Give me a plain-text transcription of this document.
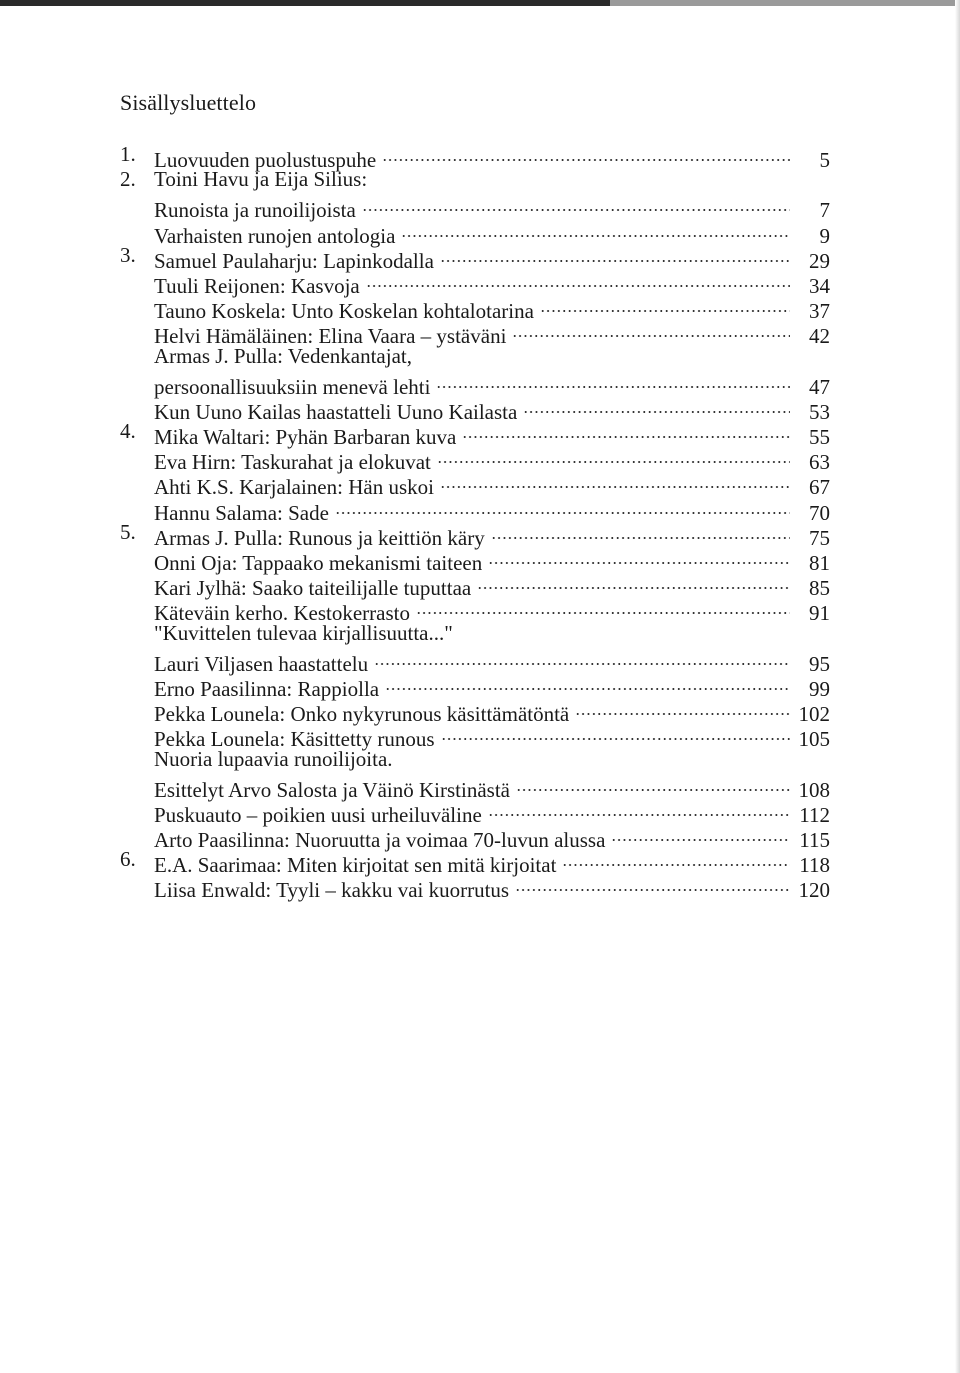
Sisällysluettelo
1. Luovuuden puolustuspuhe	5
2. Toini Havu ja Eija Silius:
Runoista ja runoilijoista	7
Varhaisten runojen antologia	9
3. Samuel Paulaharju: Lapinkodalla	29
Tuuli Reijonen: Kasvoja	34
Tauno Koskela: Unto Koskelan kohtalotarina	37
Helvi Hämäläinen: Elina Vaara – ystäväni	42
Armas J. Pulla: Vedenkantajat,
persoonallisuuksiin menevä lehti	47
Kun Uuno Kailas haastatteli Uuno Kailasta	53
4. Mika Waltari: Pyhän Barbaran kuva	55
Eva Hirn: Taskurahat ja elokuvat	63
Ahti K.S. Karjalainen: Hän uskoi	67
Hannu Salama: Sade	70
5. Armas J. Pulla: Runous ja keittiön käry	75
Onni Oja: Tappaako mekanismi taiteen	81
Kari Jylhä: Saako taiteilijalle tuputtaa	85
Käteväin kerho. Kestokerrasto	91
"Kuvittelen tulevaa kirjallisuutta..."
Lauri Viljasen haastattelu	95
Erno Paasilinna: Rappiolla	99
Pekka Lounela: Onko nykyrunous käsittämätöntä	102
Pekka Lounela: Käsittetty runous	105
Nuoria lupaavia runoilijoita.
Esittelyt Arvo Salosta ja Väinö Kirstinästä	108
Puskuauto – poikien uusi urheiluväline	112
Arto Paasilinna: Nuoruutta ja voimaa 70-luvun alussa	115
6. E.A. Saarimaa: Miten kirjoitat sen mitä kirjoitat	118
Liisa Enwald: Tyyli – kakku vai kuorrutus	120
